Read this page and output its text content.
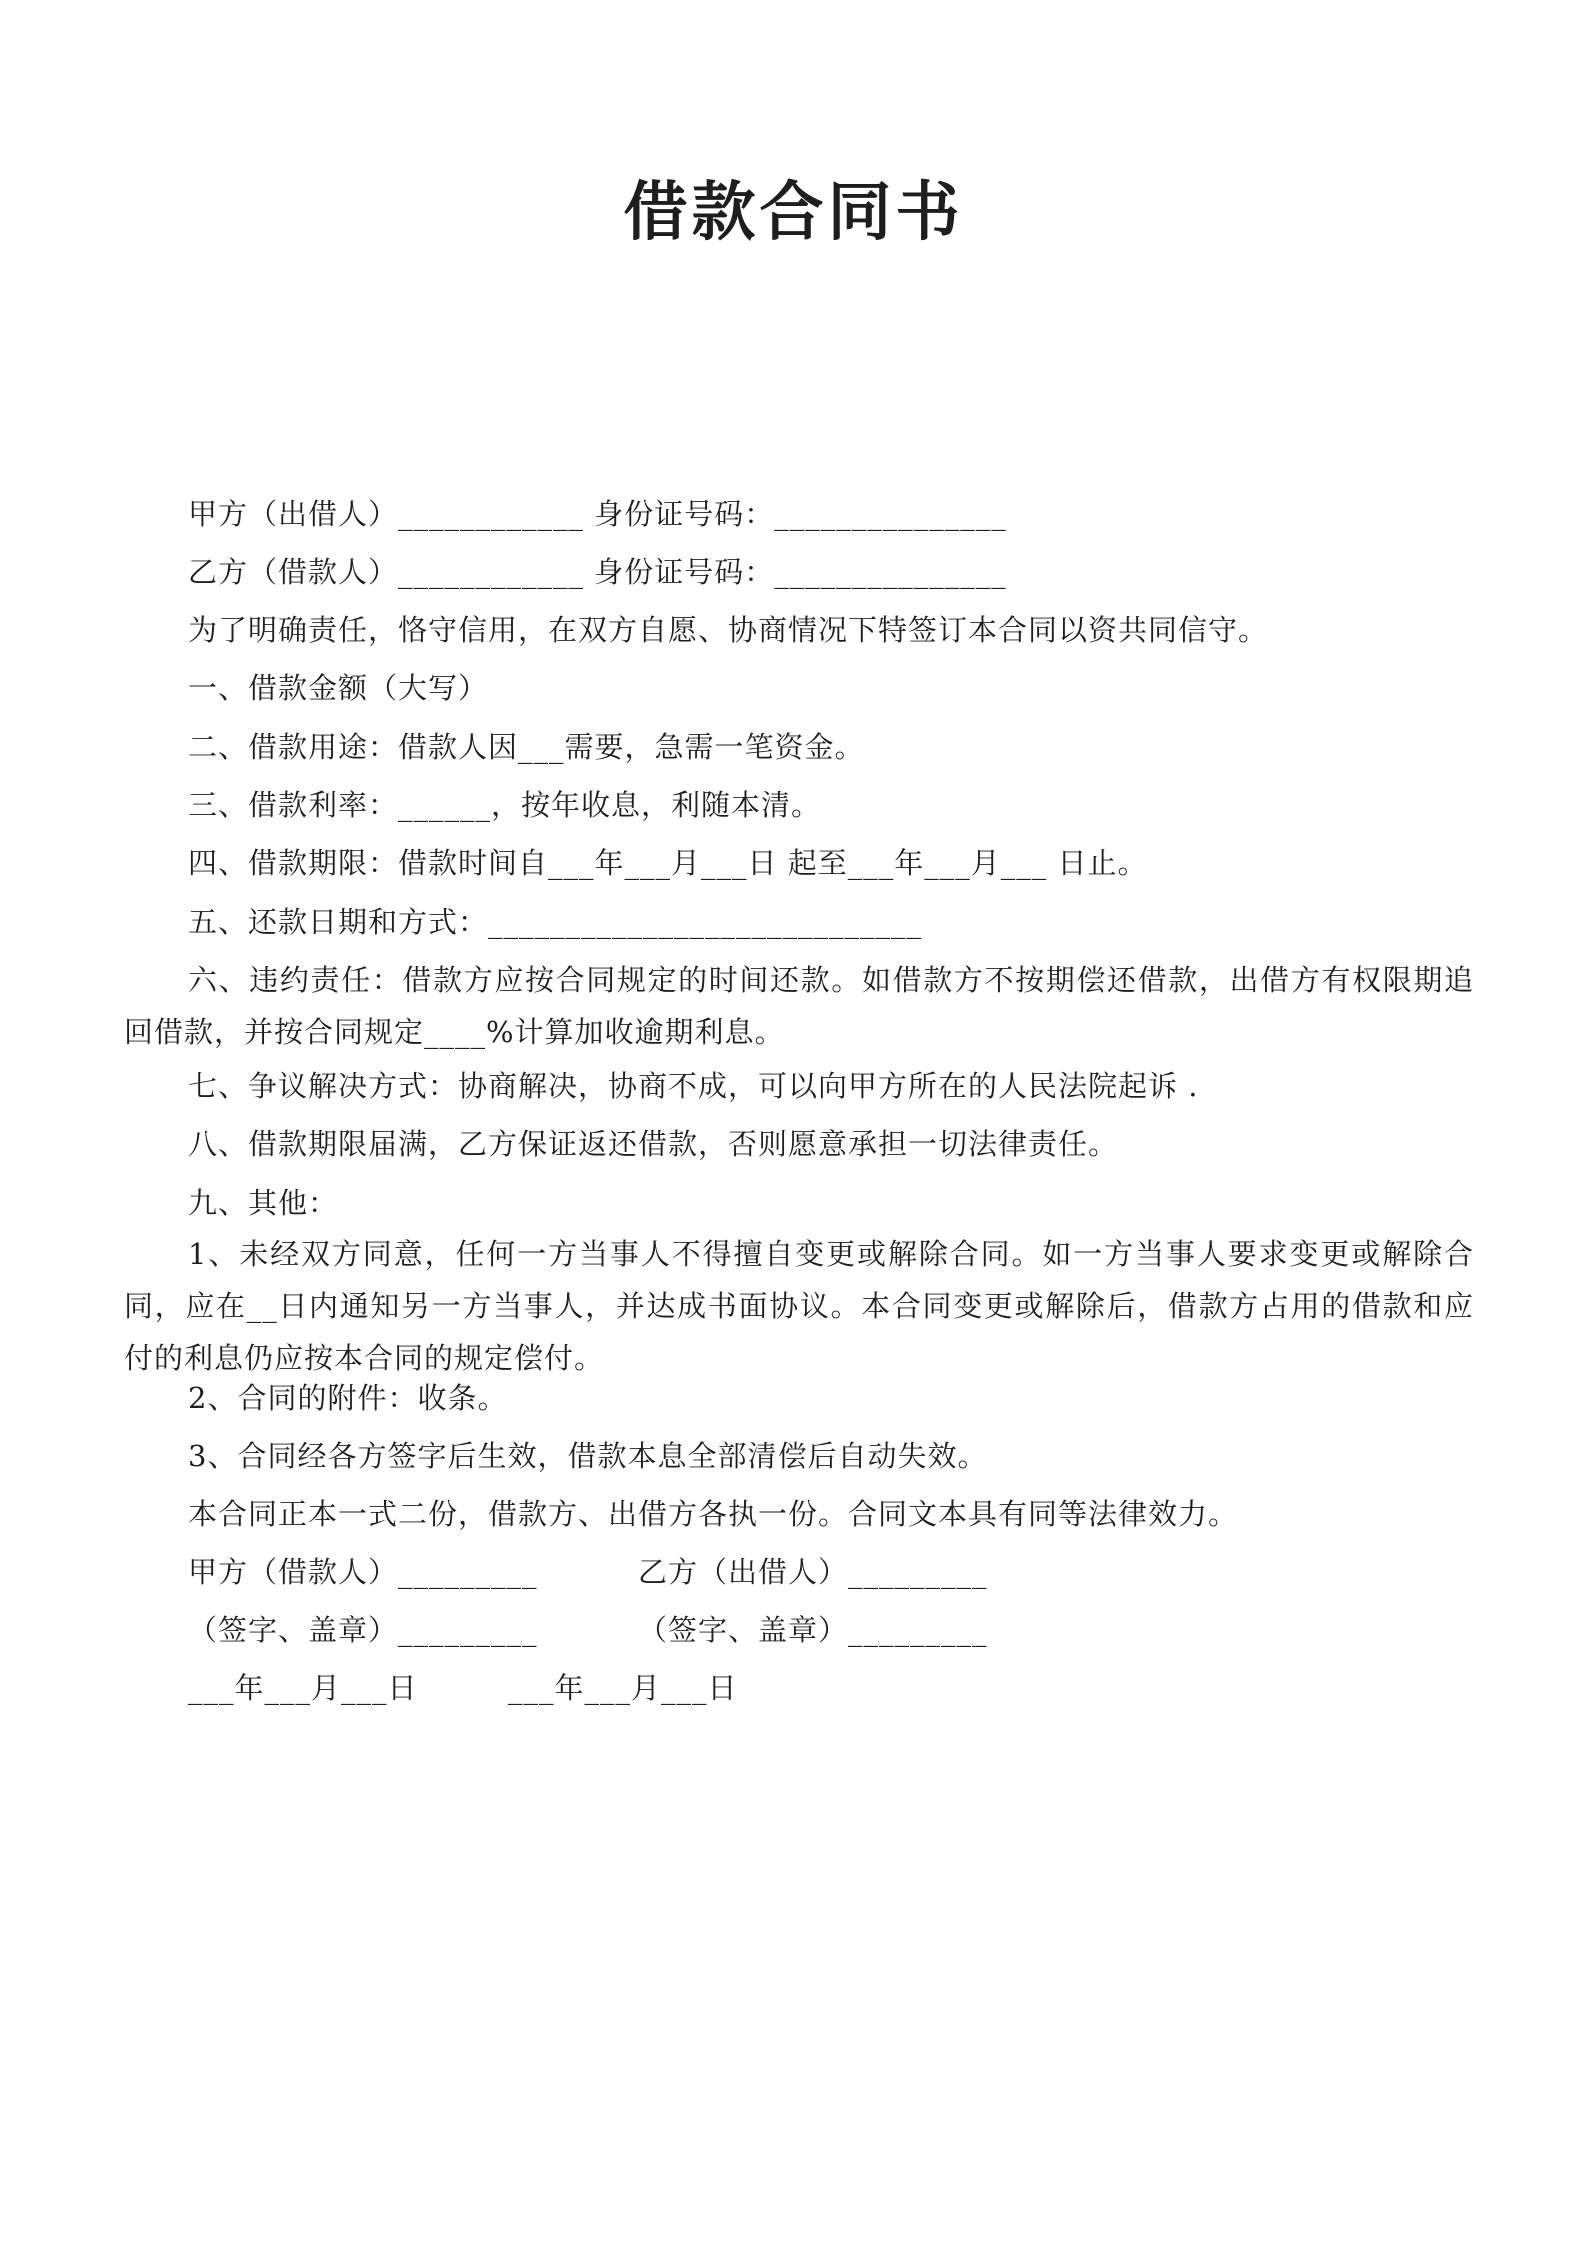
借款合同书
甲方（出借人）____________ 身份证号码：_______________
乙方（借款人）____________ 身份证号码：_______________
为了明确责任，恪守信用，在双方自愿、协商情况下特签订本合同以资共同信守。
一、借款金额（大写）
二、借款用途：借款人因___需要，急需一笔资金。
三、借款利率：______，按年收息，利随本清。
四、借款期限：借款时间自___年___月___日 起至___年___月___ 日止。
五、还款日期和方式：____________________________
六、违约责任：借款方应按合同规定的时间还款。如借款方不按期偿还借款，出借方有权限期追回借款，并按合同规定____%计算加收逾期利息。
七、争议解决方式：协商解决，协商不成，可以向甲方所在的人民法院起诉 .
八、借款期限届满，乙方保证返还借款，否则愿意承担一切法律责任。
九、其他：
1、未经双方同意，任何一方当事人不得擅自变更或解除合同。如一方当事人要求变更或解除合同，应在__日内通知另一方当事人，并达成书面协议。本合同变更或解除后，借款方占用的借款和应付的利息仍应按本合同的规定偿付。
2、合同的附件：收条。
3、合同经各方签字后生效，借款本息全部清偿后自动失效。
本合同正本一式二份，借款方、出借方各执一份。合同文本具有同等法律效力。
甲方（借款人）_________	乙方（出借人）_________
（签字、盖章）_________	（签字、盖章）_________
___年___月___日	___年___月___日
